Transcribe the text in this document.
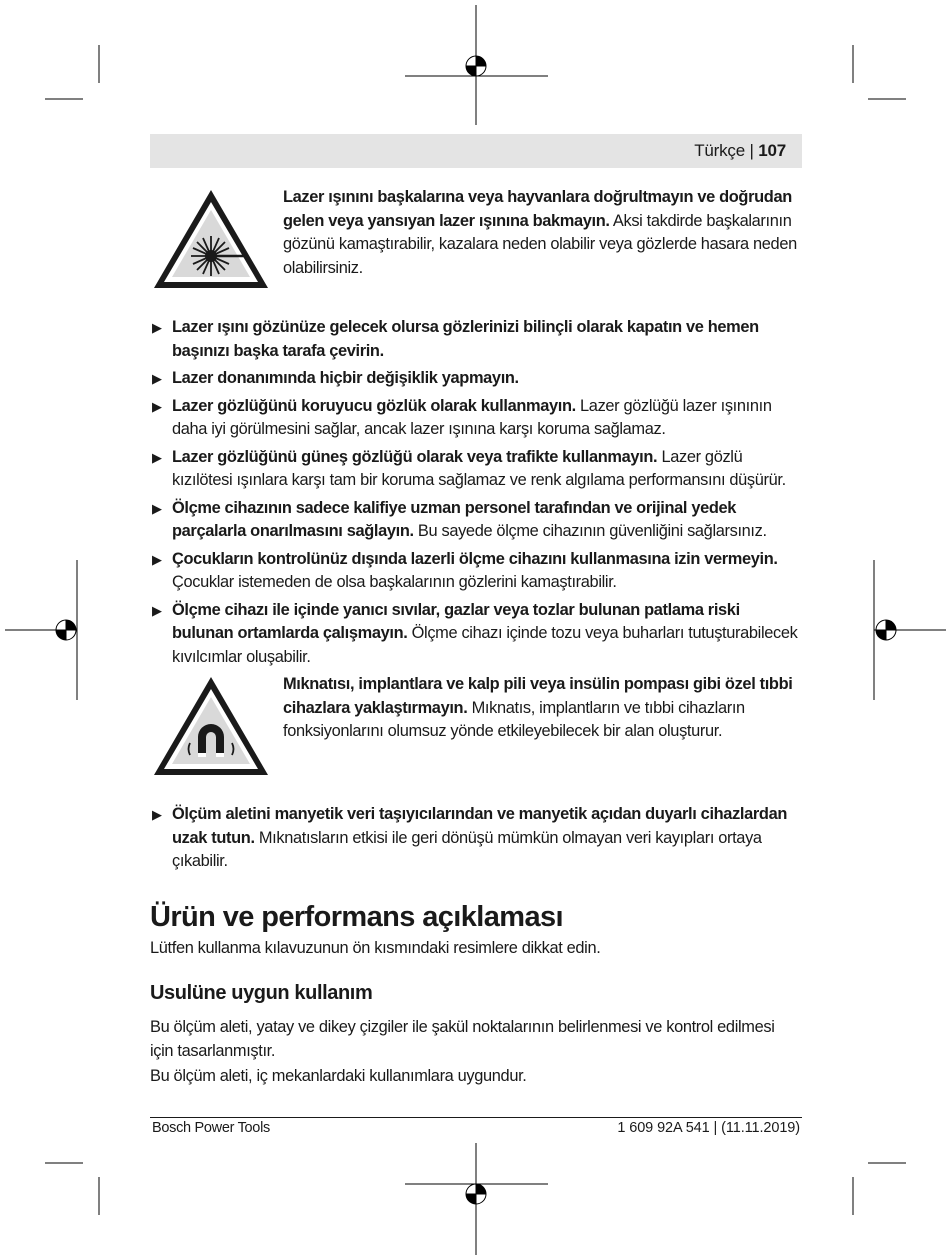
Türkçe | 107
Lazer ışınını başkalarına veya hayvanlara doğrultmayın ve doğrudan gelen veya yansıyan lazer ışınına bakmayın. Aksi takdirde başkalarının gözünü kamaştırabilir, kazalara neden olabilir veya gözlerde hasara neden olabilirsiniz.
▶ Lazer ışını gözünüze gelecek olursa gözlerinizi bilinçli olarak kapatın ve hemen başınızı başka tarafa çevirin.
▶ Lazer donanımında hiçbir değişiklik yapmayın.
▶ Lazer gözlüğünü koruyucu gözlük olarak kullanmayın. Lazer gözlüğü lazer ışınının daha iyi görülmesini sağlar, ancak lazer ışınına karşı koruma sağlamaz.
▶ Lazer gözlüğünü güneş gözlüğü olarak veya trafikte kullanmayın. Lazer gözlü kızılötesi ışınlara karşı tam bir koruma sağlamaz ve renk algılama performansını düşürür.
▶ Ölçme cihazının sadece kalifiye uzman personel tarafından ve orijinal yedek parçalarla onarılmasını sağlayın. Bu sayede ölçme cihazının güvenliğini sağlarsınız.
▶ Çocukların kontrolünüz dışında lazerli ölçme cihazını kullanmasına izin vermeyin. Çocuklar istemeden de olsa başkalarının gözlerini kamaştırabilir.
▶ Ölçme cihazı ile içinde yanıcı sıvılar, gazlar veya tozlar bulunan patlama riski bulunan ortamlarda çalışmayın. Ölçme cihazı içinde tozu veya buharları tutuşturabilecek kıvılcımlar oluşabilir.
Mıknatısı, implantlara ve kalp pili veya insülin pompası gibi özel tıbbi cihazlara yaklaştırmayın. Mıknatıs, implantların ve tıbbi cihazların fonksiyonlarını olumsuz yönde etkileyebilecek bir alan oluşturur.
▶ Ölçüm aletini manyetik veri taşıyıcılarından ve manyetik açıdan duyarlı cihazlardan uzak tutun. Mıknatısların etkisi ile geri dönüşü mümkün olmayan veri kayıpları ortaya çıkabilir.
Ürün ve performans açıklaması

Lütfen kullanma kılavuzunun ön kısmındaki resimlere dikkat edin.

Usulüne uygun kullanım

Bu ölçüm aleti, yatay ve dikey çizgiler ile şakül noktalarının belirlenmesi ve kontrol edilmesi için tasarlanmıştır.

Bu ölçüm aleti, iç mekanlardaki kullanımlara uygundur.

Bosch Power Tools	1 609 92A 541 | (11.11.2019)
